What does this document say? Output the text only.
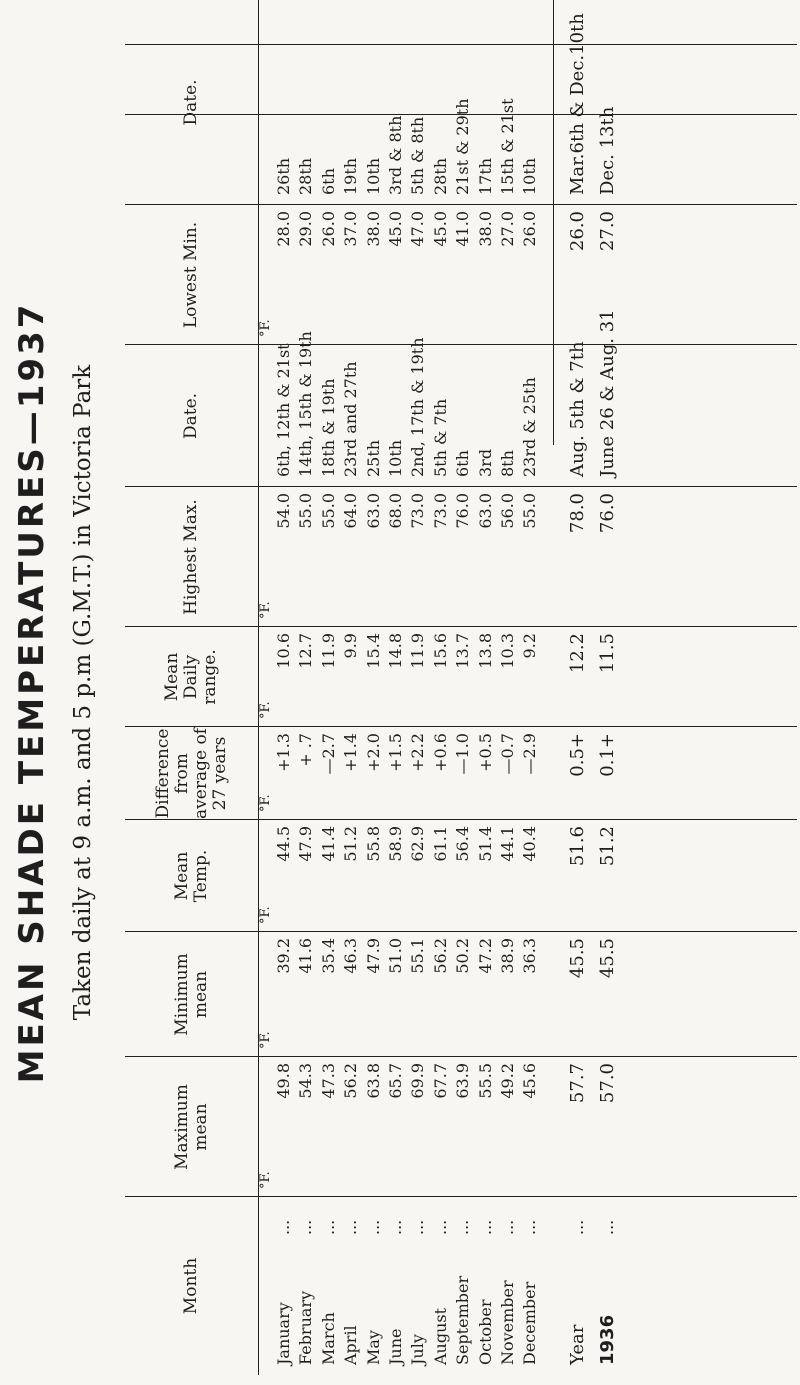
MEAN SHADE TEMPERATURES—1937 Taken daily at 9 a.m. and 5 p.m (G.M.T.) in Victoria Park
Month
Maximum
mean
Minimum
mean
Mean
Temp.
Difference
from
average of
27 years
Mean
Daily
range.
Highest Max.
Date.
Lowest Min.
Date.
January
...
February
...
March
...
April
...
May
...
June
...
July
...
August
...
September
...
October
...
November
...
December
...
49.8 54.3 47.3 56.2 63.8 65.7 69.9 67.7 63.9 55.5 49.2 45.6
°F.
39.2 41.6 35.4 46.3 47.9 51.0 55.1 56.2 50.2 47.2 38.9 36.3
°F.
44.5 47.9 41.4 51.2 55.8 58.9 62.9 61.1 56.4 51.4 44.1 40.4
°F.
+1.3 + .7 —2.7 +1.4 +2.0 +1.5 +2.2 +0.6 —1.0 +0.5 —0.7 —2.9
°F.
10.6 12.7 11.9 9.9 15.4 14.8 11.9 15.6 13.7 13.8 10.3 9.2
°F.
54.0 55.0 55.0 64.0 63.0 68.0 73.0 73.0 76.0 63.0 56.0 55.0
°F.
6th, 12th & 21st 14th, 15th & 19th 18th & 19th 23rd and 27th 25th 10th 2nd, 17th & 19th 5th & 7th 6th 3rd 8th 23rd & 25th
28.0 29.0 26.0 37.0 38.0 45.0 47.0 45.0 41.0 38.0 27.0 26.0
°F.
26th 28th 6th 19th 10th 3rd & 8th 5th & 8th 28th 21st & 29th 17th 15th & 21st 10th
Year
57.7
45.5
51.6
0.5+
12.2
78.0
Aug. 5th & 7th
26.0
Mar.6th & Dec.10th
...
1936
57.0
45.5
51.2
0.1+
11.5
76.0
June 26 & Aug. 31
27.0
Dec. 13th
...
